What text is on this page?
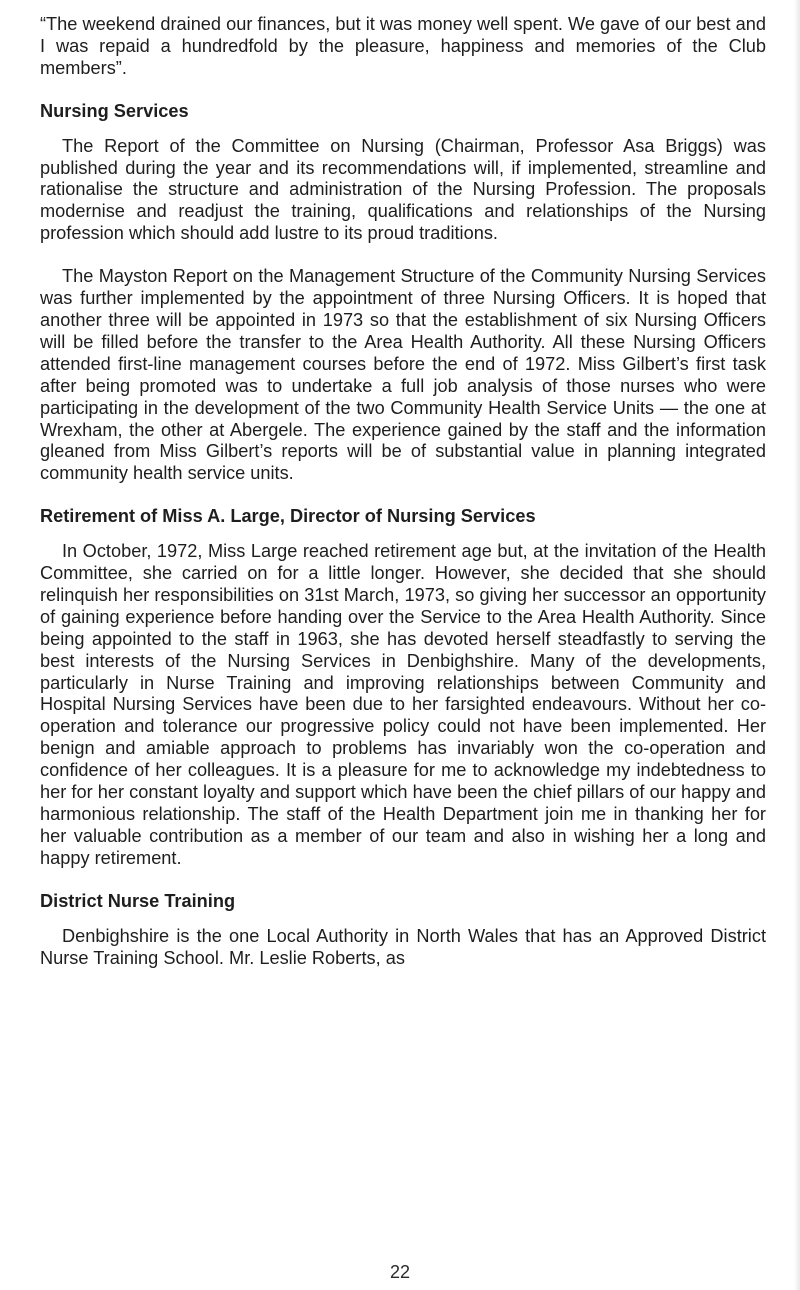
“The weekend drained our finances, but it was money well spent. We gave of our best and I was repaid a hundredfold by the pleasure, happiness and memories of the Club members”.

Nursing Services

The Report of the Committee on Nursing (Chairman, Professor Asa Briggs) was published during the year and its recommendations will, if implemented, streamline and rationalise the structure and administration of the Nursing Profession. The proposals modernise and readjust the training, qualifications and relationships of the Nursing profession which should add lustre to its proud traditions.

The Mayston Report on the Management Structure of the Community Nursing Services was further implemented by the appointment of three Nursing Officers. It is hoped that another three will be appointed in 1973 so that the establishment of six Nursing Officers will be filled before the transfer to the Area Health Authority. All these Nursing Officers attended first-line management courses before the end of 1972. Miss Gilbert’s first task after being promoted was to undertake a full job analysis of those nurses who were participating in the development of the two Community Health Service Units — the one at Wrexham, the other at Abergele. The experience gained by the staff and the information gleaned from Miss Gilbert’s reports will be of substantial value in planning integrated community health service units.

Retirement of Miss A. Large, Director of Nursing Services

In October, 1972, Miss Large reached retirement age but, at the invitation of the Health Committee, she carried on for a little longer. However, she decided that she should relinquish her responsibilities on 31st March, 1973, so giving her successor an opportunity of gaining experience before handing over the Service to the Area Health Authority. Since being appointed to the staff in 1963, she has devoted herself steadfastly to serving the best interests of the Nursing Services in Denbighshire. Many of the developments, particularly in Nurse Training and improving relationships between Community and Hospital Nursing Services have been due to her farsighted endeavours. Without her co-operation and tolerance our progressive policy could not have been implemented. Her benign and amiable approach to problems has invariably won the co-operation and confidence of her colleagues. It is a pleasure for me to acknowledge my indebtedness to her for her constant loyalty and support which have been the chief pillars of our happy and harmonious relationship. The staff of the Health Department join me in thanking her for her valuable contribution as a member of our team and also in wishing her a long and happy retirement.

District Nurse Training

Denbighshire is the one Local Authority in North Wales that has an Approved District Nurse Training School. Mr. Leslie Roberts, as

22
